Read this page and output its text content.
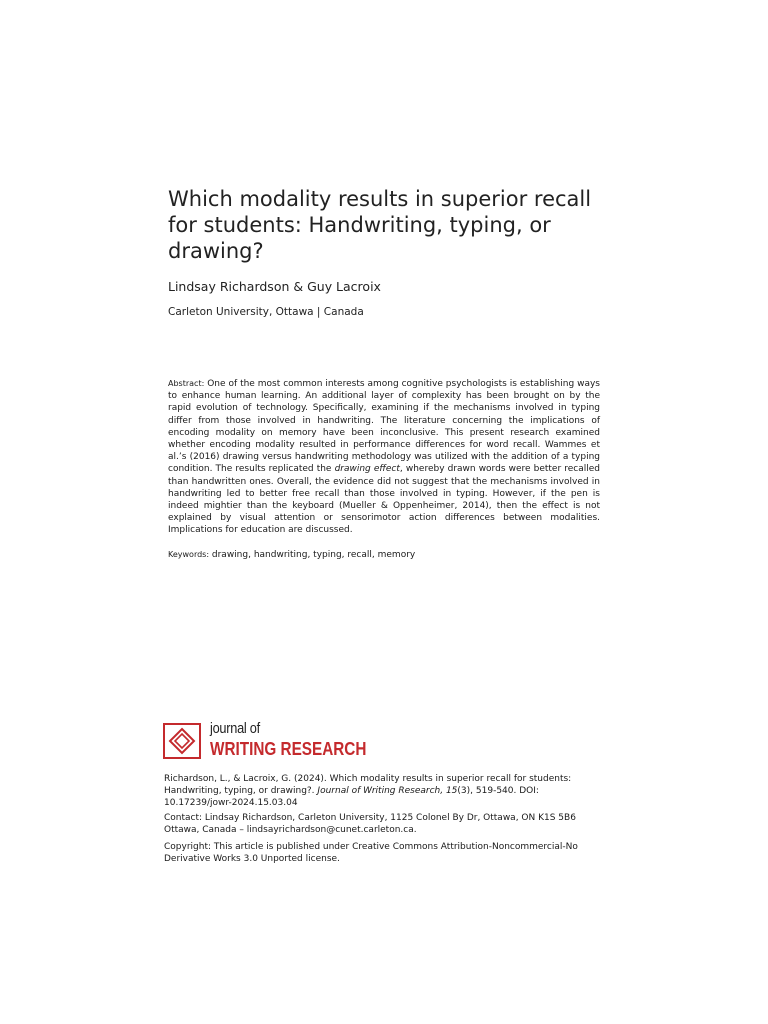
Which modality results in superior recall for students: Handwriting, typing, or drawing?
Lindsay Richardson & Guy Lacroix
Carleton University, Ottawa | Canada

Abstract: One of the most common interests among cognitive psychologists is establishing ways to enhance human learning. An additional layer of complexity has been brought on by the rapid evolution of technology. Specifically, examining if the mechanisms involved in typing differ from those involved in handwriting. The literature concerning the implications of encoding modality on memory have been inconclusive. This present research examined whether encoding modality resulted in performance differences for word recall. Wammes et al.’s (2016) drawing versus handwriting methodology was utilized with the addition of a typing condition. The results replicated the drawing effect, whereby drawn words were better recalled than handwritten ones. Overall, the evidence did not suggest that the mechanisms involved in handwriting led to better free recall than those involved in typing. However, if the pen is indeed mightier than the keyboard (Mueller & Oppenheimer, 2014), then the effect is not explained by visual attention or sensorimotor action differences between modalities. Implications for education are discussed.

Keywords: drawing, handwriting, typing, recall, memory
journal of
WRITING RESEARCH

Richardson, L., & Lacroix, G. (2024). Which modality results in superior recall for students: Handwriting, typing, or drawing?. Journal of Writing Research, 15(3), 519-540. DOI: 10.17239/jowr-2024.15.03.04

Contact: Lindsay Richardson, Carleton University, 1125 Colonel By Dr, Ottawa, ON K1S 5B6 Ottawa, Canada – lindsayrichardson@cunet.carleton.ca.

Copyright: This article is published under Creative Commons Attribution-Noncommercial-No Derivative Works 3.0 Unported license.
